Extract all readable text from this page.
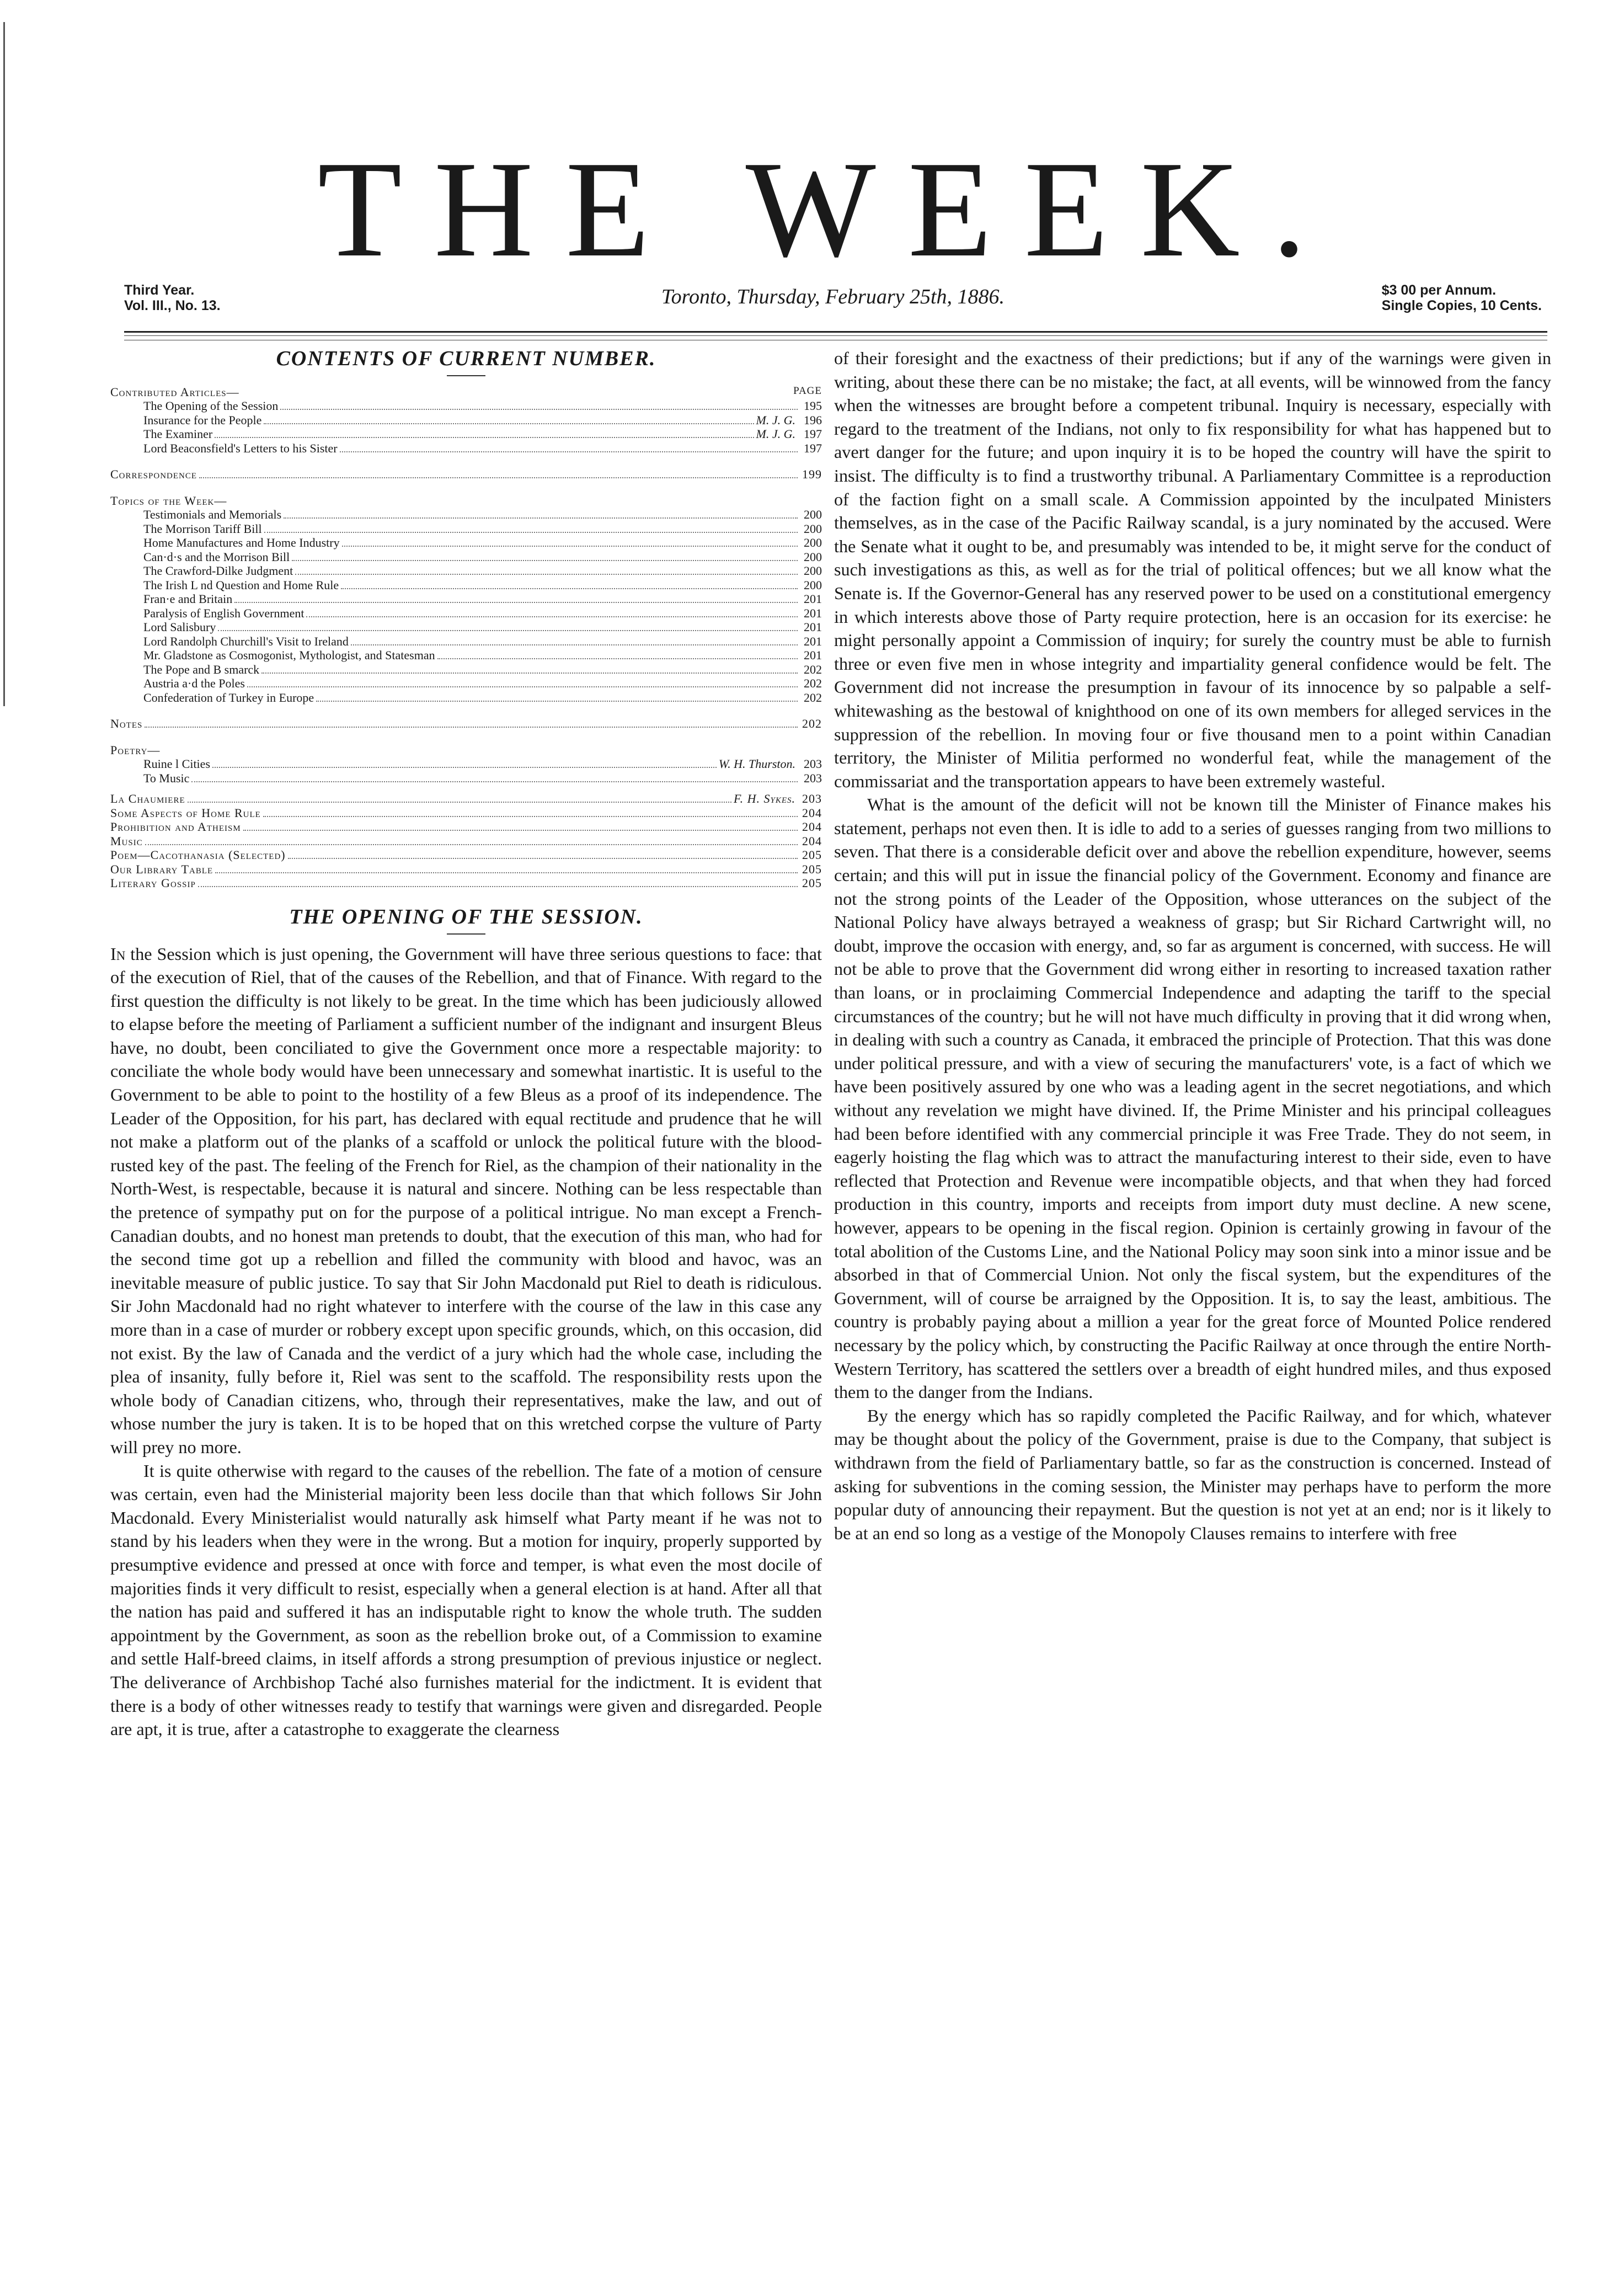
THE WEEK.
Third Year.
Vol. III., No. 13.	Toronto, Thursday, February 25th, 1886.	$3 00 per Annum.
Single Copies, 10 Cents.
CONTENTS OF CURRENT NUMBER.
PAGE
Contributed Articles—
The Opening of the Session	195
Insurance for the People	M. J. G. 196
The Examiner	M. J. G. 197
Lord Beaconsfield's Letters to his Sister	197
Correspondence	199
Topics of the Week—
Testimonials and Memorials	200
The Morrison Tariff Bill	200
Home Manufactures and Home Industry	200
Can·d·s and the Morrison Bill	200
The Crawford-Dilke Judgment	200
The Irish L nd Question and Home Rule	200
Fran·e and Britain	201
Paralysis of English Government	201
Lord Salisbury	201
Lord Randolph Churchill's Visit to Ireland	201
Mr. Gladstone as Cosmogonist, Mythologist, and Statesman	201
The Pope and B smarck	202
Austria a·d the Poles	202
Confederation of Turkey in Europe	202
Notes	202
Poetry—
Ruine l Cities	W. H. Thurston. 203
To Music	203
La Chaumiere	F. H. Sykes. 203
Some Aspects of Home Rule	204
Prohibition and Atheism	204
Music	204
Poem—Cacothanasia (Selected)	205
Our Library Table	205
Literary Gossip	205
THE OPENING OF THE SESSION.

In the Session which is just opening, the Government will have three serious questions to face: that of the execution of Riel, that of the causes of the Rebellion, and that of Finance. With regard to the first question the difficulty is not likely to be great. In the time which has been judiciously allowed to elapse before the meeting of Parliament a sufficient number of the indignant and insurgent Bleus have, no doubt, been conciliated to give the Government once more a respectable majority: to conciliate the whole body would have been unnecessary and somewhat inartistic. It is useful to the Government to be able to point to the hostility of a few Bleus as a proof of its independence. The Leader of the Opposition, for his part, has declared with equal rectitude and prudence that he will not make a platform out of the planks of a scaffold or unlock the political future with the blood-rusted key of the past. The feeling of the French for Riel, as the champion of their nationality in the North-West, is respectable, because it is natural and sincere. Nothing can be less respectable than the pretence of sympathy put on for the purpose of a political intrigue. No man except a French-Canadian doubts, and no honest man pretends to doubt, that the execution of this man, who had for the second time got up a rebellion and filled the community with blood and havoc, was an inevitable measure of public justice. To say that Sir John Macdonald put Riel to death is ridiculous. Sir John Macdonald had no right whatever to interfere with the course of the law in this case any more than in a case of murder or robbery except upon specific grounds, which, on this occasion, did not exist. By the law of Canada and the verdict of a jury which had the whole case, including the plea of insanity, fully before it, Riel was sent to the scaffold. The responsibility rests upon the whole body of Canadian citizens, who, through their representatives, make the law, and out of whose number the jury is taken. It is to be hoped that on this wretched corpse the vulture of Party will prey no more.

It is quite otherwise with regard to the causes of the rebellion. The fate of a motion of censure was certain, even had the Ministerial majority been less docile than that which follows Sir John Macdonald. Every Ministerialist would naturally ask himself what Party meant if he was not to stand by his leaders when they were in the wrong. But a motion for inquiry, properly supported by presumptive evidence and pressed at once with force and temper, is what even the most docile of majorities finds it very difficult to resist, especially when a general election is at hand. After all that the nation has paid and suffered it has an indisputable right to know the whole truth. The sudden appointment by the Government, as soon as the rebellion broke out, of a Commission to examine and settle Half-breed claims, in itself affords a strong presumption of previous injustice or neglect. The deliverance of Archbishop Taché also furnishes material for the indictment. It is evident that there is a body of other witnesses ready to testify that warnings were given and disregarded. People are apt, it is true, after a catastrophe to exaggerate the clearness

of their foresight and the exactness of their predictions; but if any of the warnings were given in writing, about these there can be no mistake; the fact, at all events, will be winnowed from the fancy when the witnesses are brought before a competent tribunal. Inquiry is necessary, especially with regard to the treatment of the Indians, not only to fix responsibility for what has happened but to avert danger for the future; and upon inquiry it is to be hoped the country will have the spirit to insist. The difficulty is to find a trustworthy tribunal. A Parliamentary Committee is a reproduction of the faction fight on a small scale. A Commission appointed by the inculpated Ministers themselves, as in the case of the Pacific Railway scandal, is a jury nominated by the accused. Were the Senate what it ought to be, and presumably was intended to be, it might serve for the conduct of such investigations as this, as well as for the trial of political offences; but we all know what the Senate is. If the Governor-General has any reserved power to be used on a constitutional emergency in which interests above those of Party require protection, here is an occasion for its exercise: he might personally appoint a Commission of inquiry; for surely the country must be able to furnish three or even five men in whose integrity and impartiality general confidence would be felt. The Government did not increase the presumption in favour of its innocence by so palpable a self-whitewashing as the bestowal of knighthood on one of its own members for alleged services in the suppression of the rebellion. In moving four or five thousand men to a point within Canadian territory, the Minister of Militia performed no wonderful feat, while the management of the commissariat and the transportation appears to have been extremely wasteful.

What is the amount of the deficit will not be known till the Minister of Finance makes his statement, perhaps not even then. It is idle to add to a series of guesses ranging from two millions to seven. That there is a considerable deficit over and above the rebellion expenditure, however, seems certain; and this will put in issue the financial policy of the Government. Economy and finance are not the strong points of the Leader of the Opposition, whose utterances on the subject of the National Policy have always betrayed a weakness of grasp; but Sir Richard Cartwright will, no doubt, improve the occasion with energy, and, so far as argument is concerned, with success. He will not be able to prove that the Government did wrong either in resorting to increased taxation rather than loans, or in proclaiming Commercial Independence and adapting the tariff to the special circumstances of the country; but he will not have much difficulty in proving that it did wrong when, in dealing with such a country as Canada, it embraced the principle of Protection. That this was done under political pressure, and with a view of securing the manufacturers' vote, is a fact of which we have been positively assured by one who was a leading agent in the secret negotiations, and which without any revelation we might have divined. If, the Prime Minister and his principal colleagues had been before identified with any commercial principle it was Free Trade. They do not seem, in eagerly hoisting the flag which was to attract the manufacturing interest to their side, even to have reflected that Protection and Revenue were incompatible objects, and that when they had forced production in this country, imports and receipts from import duty must decline. A new scene, however, appears to be opening in the fiscal region. Opinion is certainly growing in favour of the total abolition of the Customs Line, and the National Policy may soon sink into a minor issue and be absorbed in that of Commercial Union. Not only the fiscal system, but the expenditures of the Government, will of course be arraigned by the Opposition. It is, to say the least, ambitious. The country is probably paying about a million a year for the great force of Mounted Police rendered necessary by the policy which, by constructing the Pacific Railway at once through the entire North-Western Territory, has scattered the settlers over a breadth of eight hundred miles, and thus exposed them to the danger from the Indians.

By the energy which has so rapidly completed the Pacific Railway, and for which, whatever may be thought about the policy of the Government, praise is due to the Company, that subject is withdrawn from the field of Parliamentary battle, so far as the construction is concerned. Instead of asking for subventions in the coming session, the Minister may perhaps have to perform the more popular duty of announcing their repayment. But the question is not yet at an end; nor is it likely to be at an end so long as a vestige of the Monopoly Clauses remains to interfere with free
